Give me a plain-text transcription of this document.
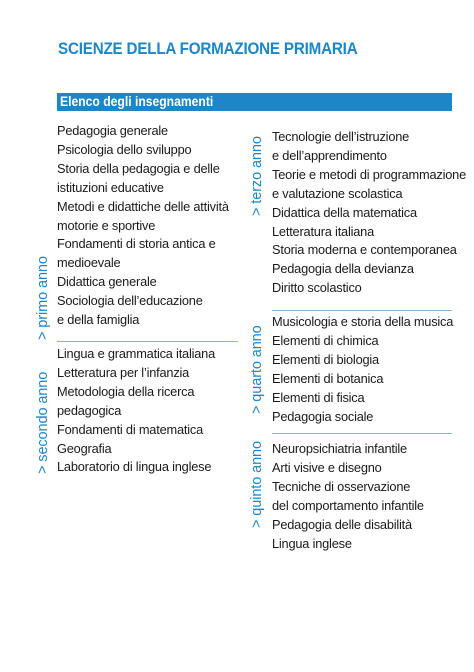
SCIENZE DELLA FORMAZIONE PRIMARIA
Elenco degli insegnamenti
> primo anno
Pedagogia generale
Psicologia dello sviluppo
Storia della pedagogia e delle
istituzioni educative
Metodi e didattiche delle attività
motorie e sportive
Fondamenti di storia antica e
medioevale
Didattica generale
Sociologia dell’educazione
e della famiglia
> secondo anno
Lingua e grammatica italiana
Letteratura per l’infanzia
Metodologia della ricerca
pedagogica
Fondamenti di matematica
Geografia
Laboratorio di lingua inglese
> terzo anno Tecnologie dell’istruzione
e dell’apprendimento
Teorie e metodi di programmazione
e valutazione scolastica
Didattica della matematica
Letteratura italiana
Storia moderna e contemporanea
Pedagogia della devianza
Diritto scolastico
> quarto anno
Musicologia e storia della musica
Elementi di chimica
Elementi di biologia
Elementi di botanica
Elementi di fisica
Pedagogia sociale
> quinto anno Neuropsichiatria infantile
Arti visive e disegno
Tecniche di osservazione
del comportamento infantile
Pedagogia delle disabilità
Lingua inglese
